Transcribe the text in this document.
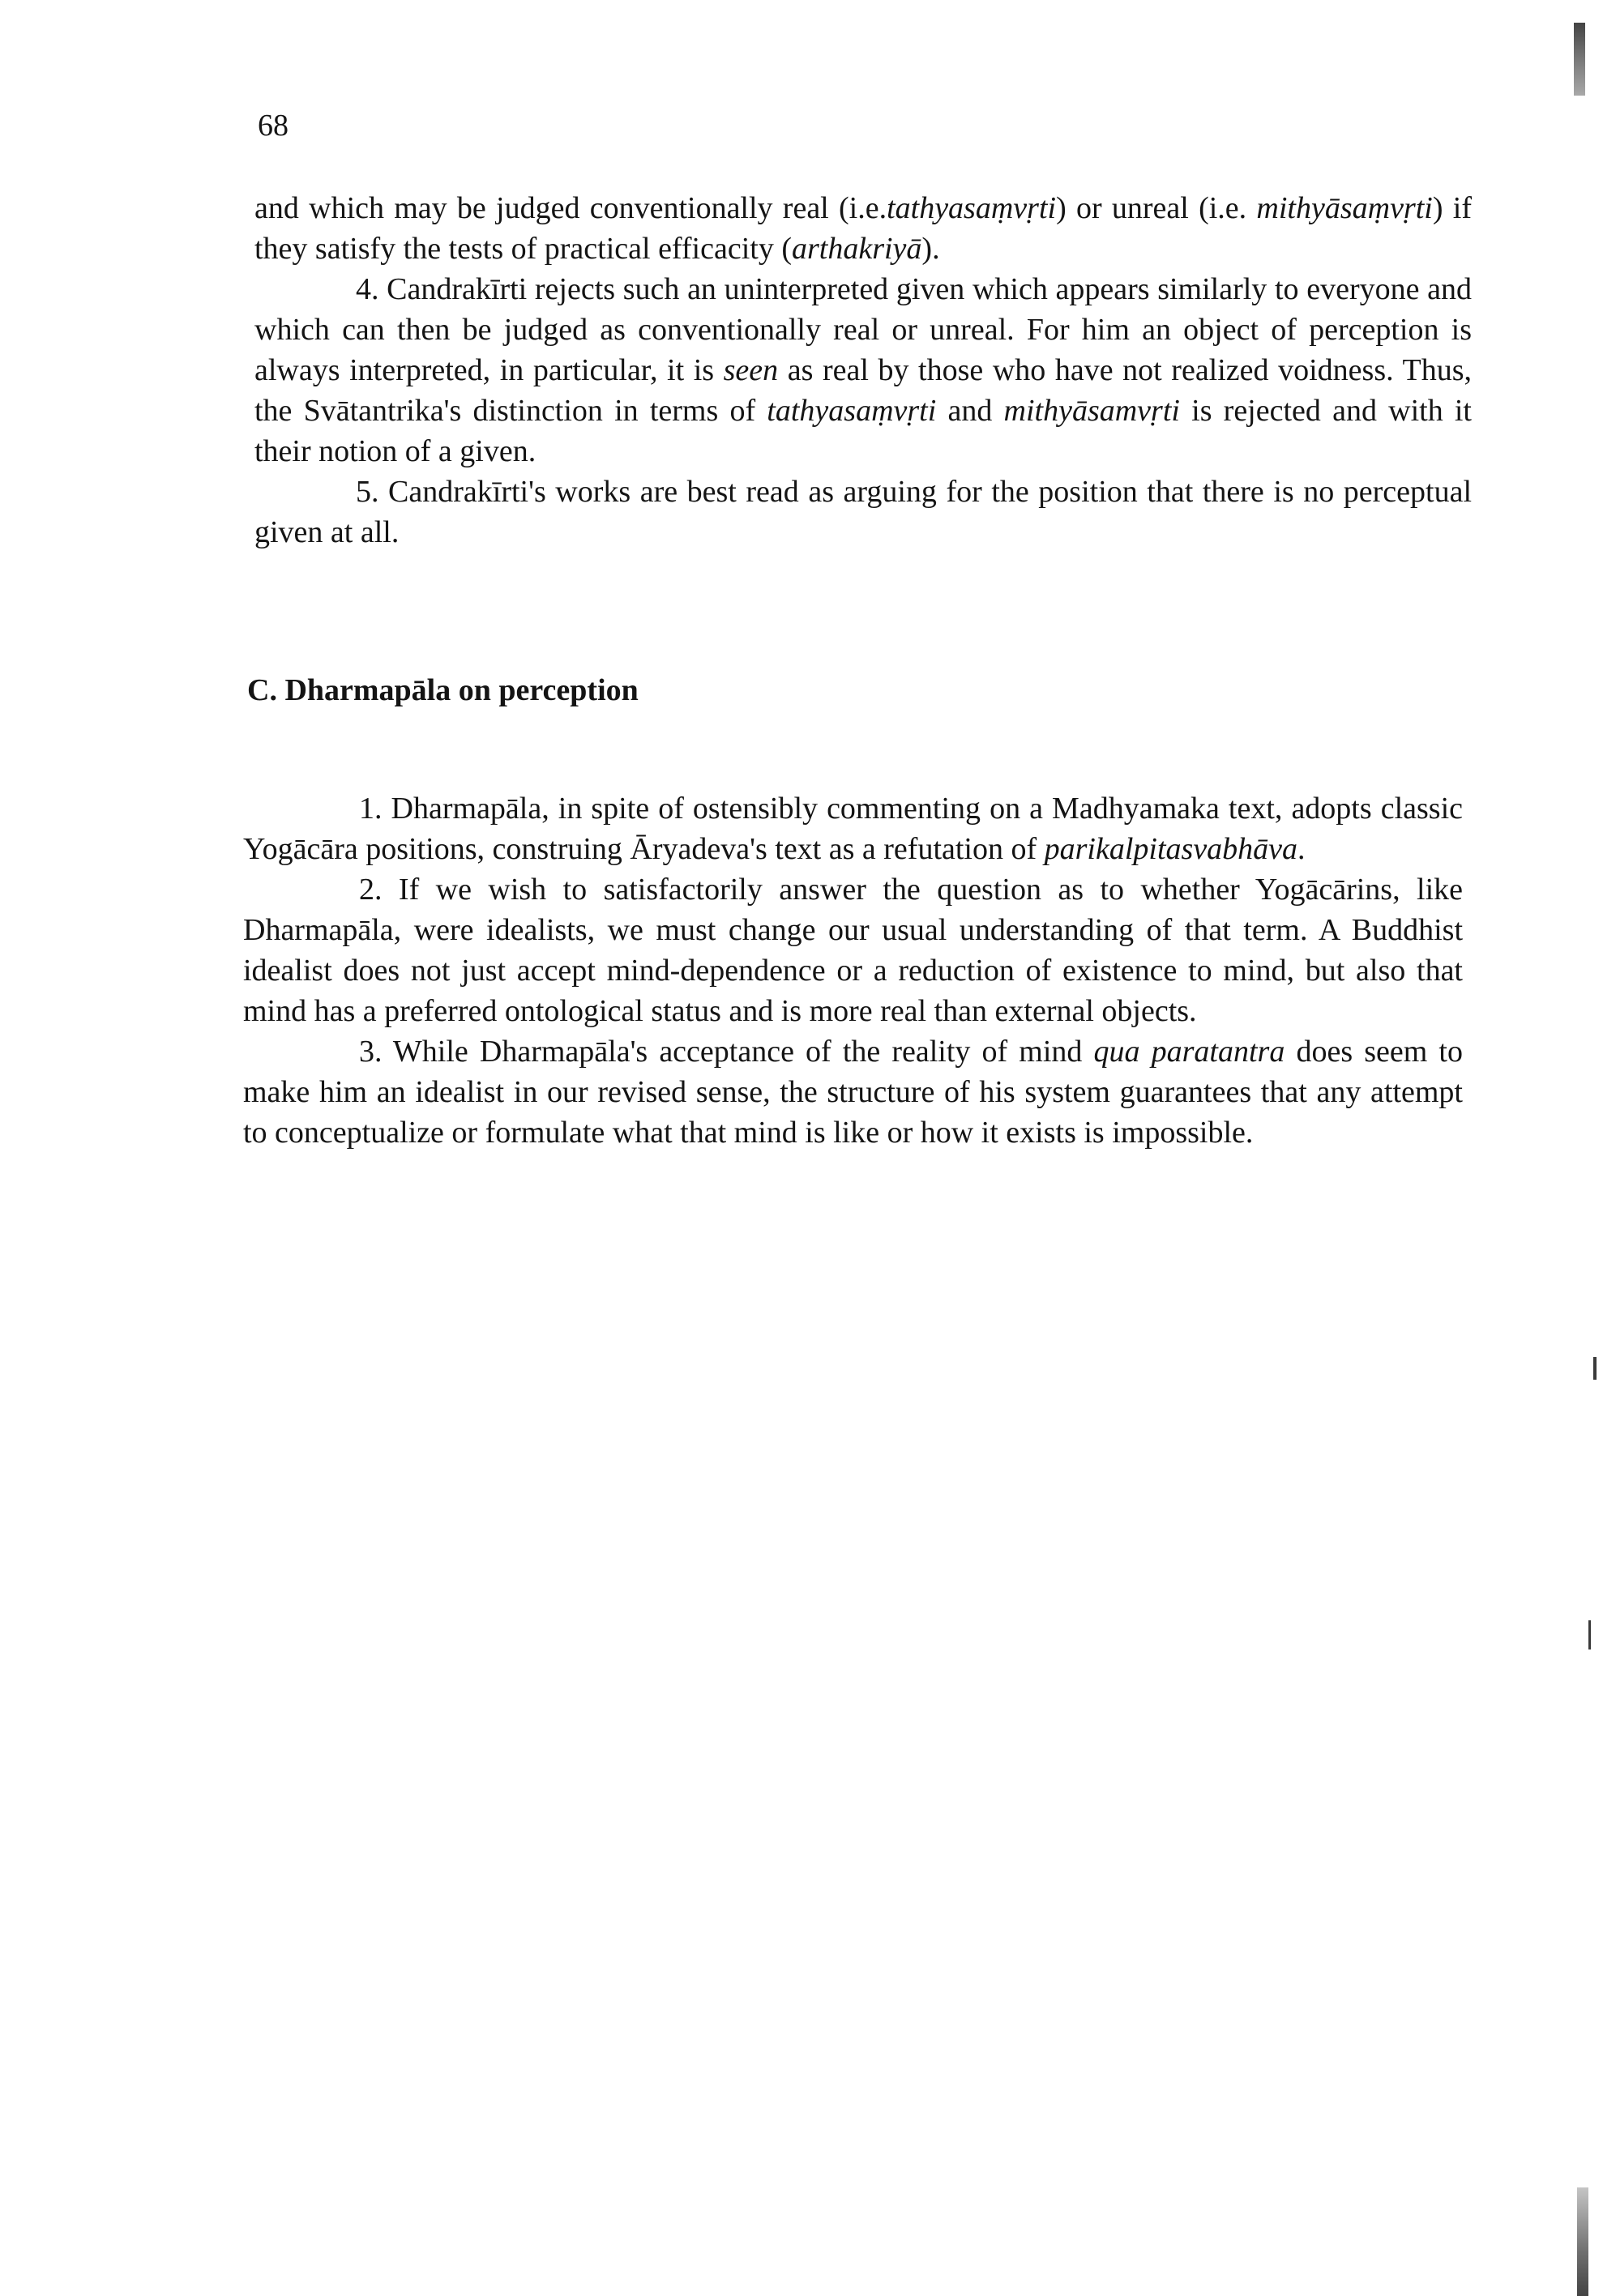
68

and which may be judged conventionally real (i.e.tathyasaṃvṛti) or unreal (i.e. mithyāsaṃvṛti) if they satisfy the tests of practical efficacity (arthakriyā).

4. Candrakīrti rejects such an uninterpreted given which appears similarly to everyone and which can then be judged as conventionally real or unreal. For him an object of perception is always interpreted, in particular, it is seen as real by those who have not realized voidness. Thus, the Svātantrika's distinction in terms of tathyasaṃvṛti and mithyāsamvṛti is rejected and with it their notion of a given.

5. Candrakīrti's works are best read as arguing for the position that there is no perceptual given at all.

C. Dharmapāla on perception

1. Dharmapāla, in spite of ostensibly commenting on a Madhyamaka text, adopts classic Yogācāra positions, construing Āryadeva's text as a refutation of parikalpitasvabhāva.

2. If we wish to satisfactorily answer the question as to whether Yogācārins, like Dharmapāla, were idealists, we must change our usual understanding of that term. A Buddhist idealist does not just accept mind-dependence or a reduction of existence to mind, but also that mind has a preferred ontological status and is more real than external objects.

3. While Dharmapāla's acceptance of the reality of mind qua paratantra does seem to make him an idealist in our revised sense, the structure of his system guarantees that any attempt to conceptualize or formulate what that mind is like or how it exists is impossible.
